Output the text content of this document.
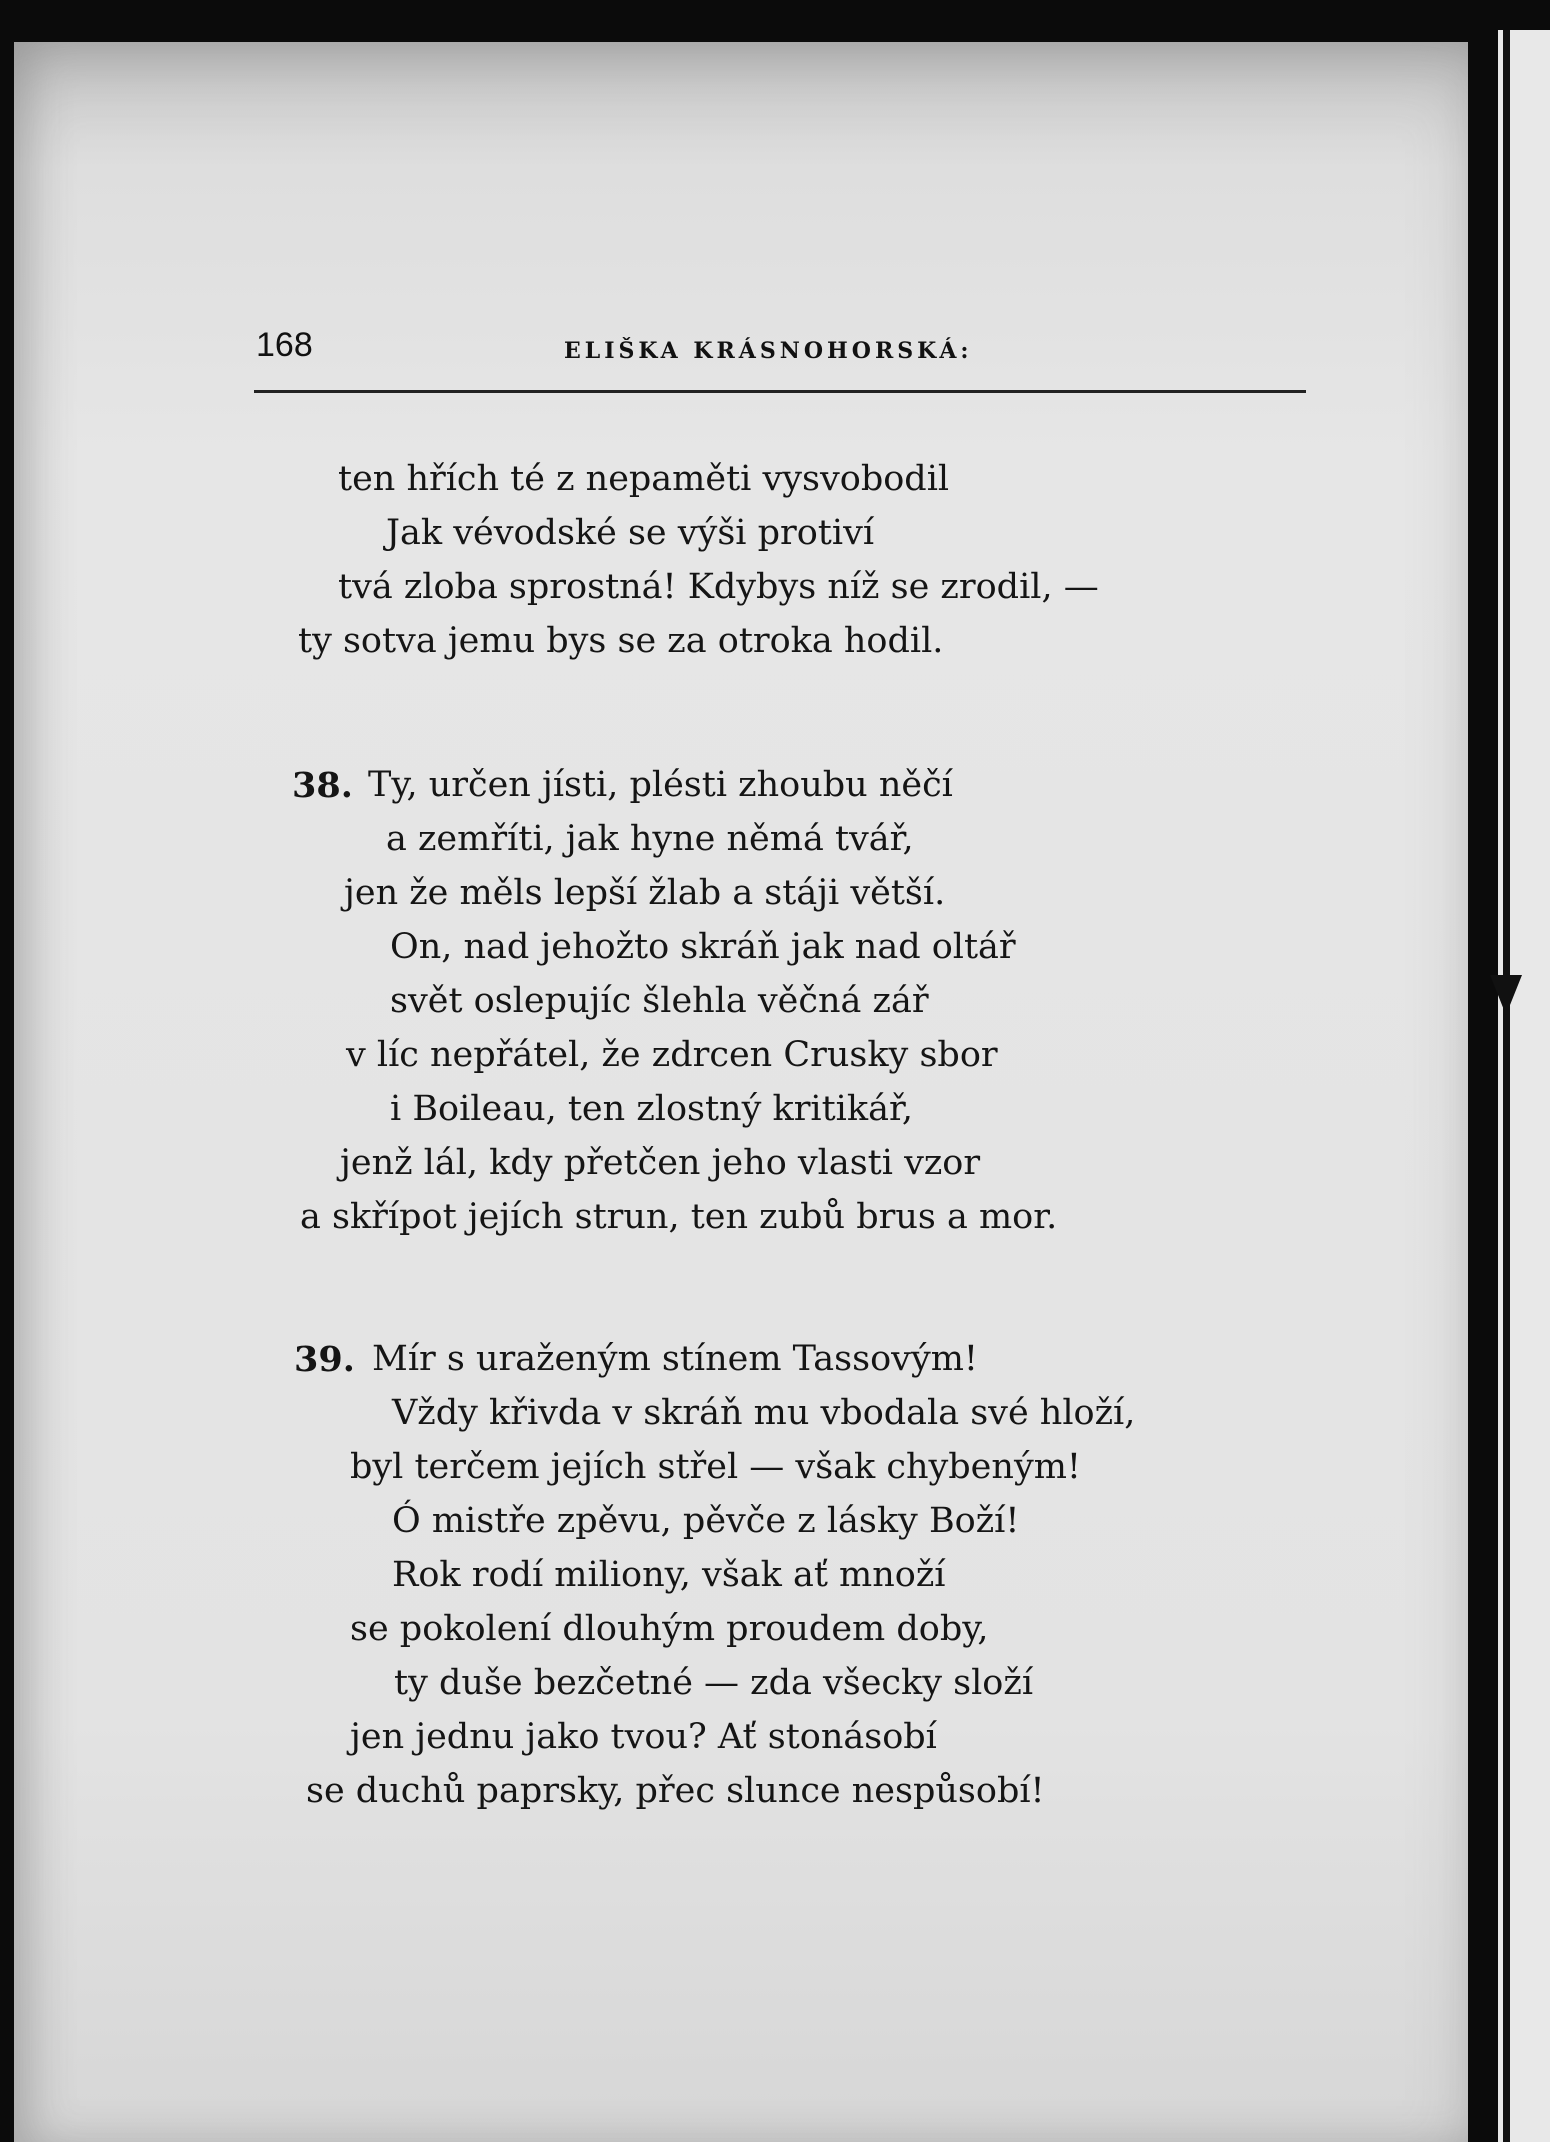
168	ELIŠKA KRÁSNOHORSKÁ:
ten hřích té z nepaměti vysvobodil
Jak vévodské se výši protiví
tvá zloba sprostná! Kdybys níž se zrodil, —
ty sotva jemu bys se za otroka hodil.
38. Ty, určen jísti, plésti zhoubu něčí
a zemříti, jak hyne němá tvář,
jen že měls lepší žlab a stáji větší.
On, nad jehožto skráň jak nad oltář
svět oslepujíc šlehla věčná zář
v líc nepřátel, že zdrcen Crusky sbor
i Boileau, ten zlostný kritikář,
jenž lál, kdy přetčen jeho vlasti vzor
a skřípot jejích strun, ten zubů brus a mor.
39. Mír s uraženým stínem Tassovým!
Vždy křivda v skráň mu vbodala své hloží,
byl terčem jejích střel — však chybeným!
Ó mistře zpěvu, pěvče z lásky Boží!
Rok rodí miliony, však ať množí
se pokolení dlouhým proudem doby,
ty duše bezčetné — zda všecky složí
jen jednu jako tvou? Ať stonásobí
se duchů paprsky, přec slunce nespůsobí!
